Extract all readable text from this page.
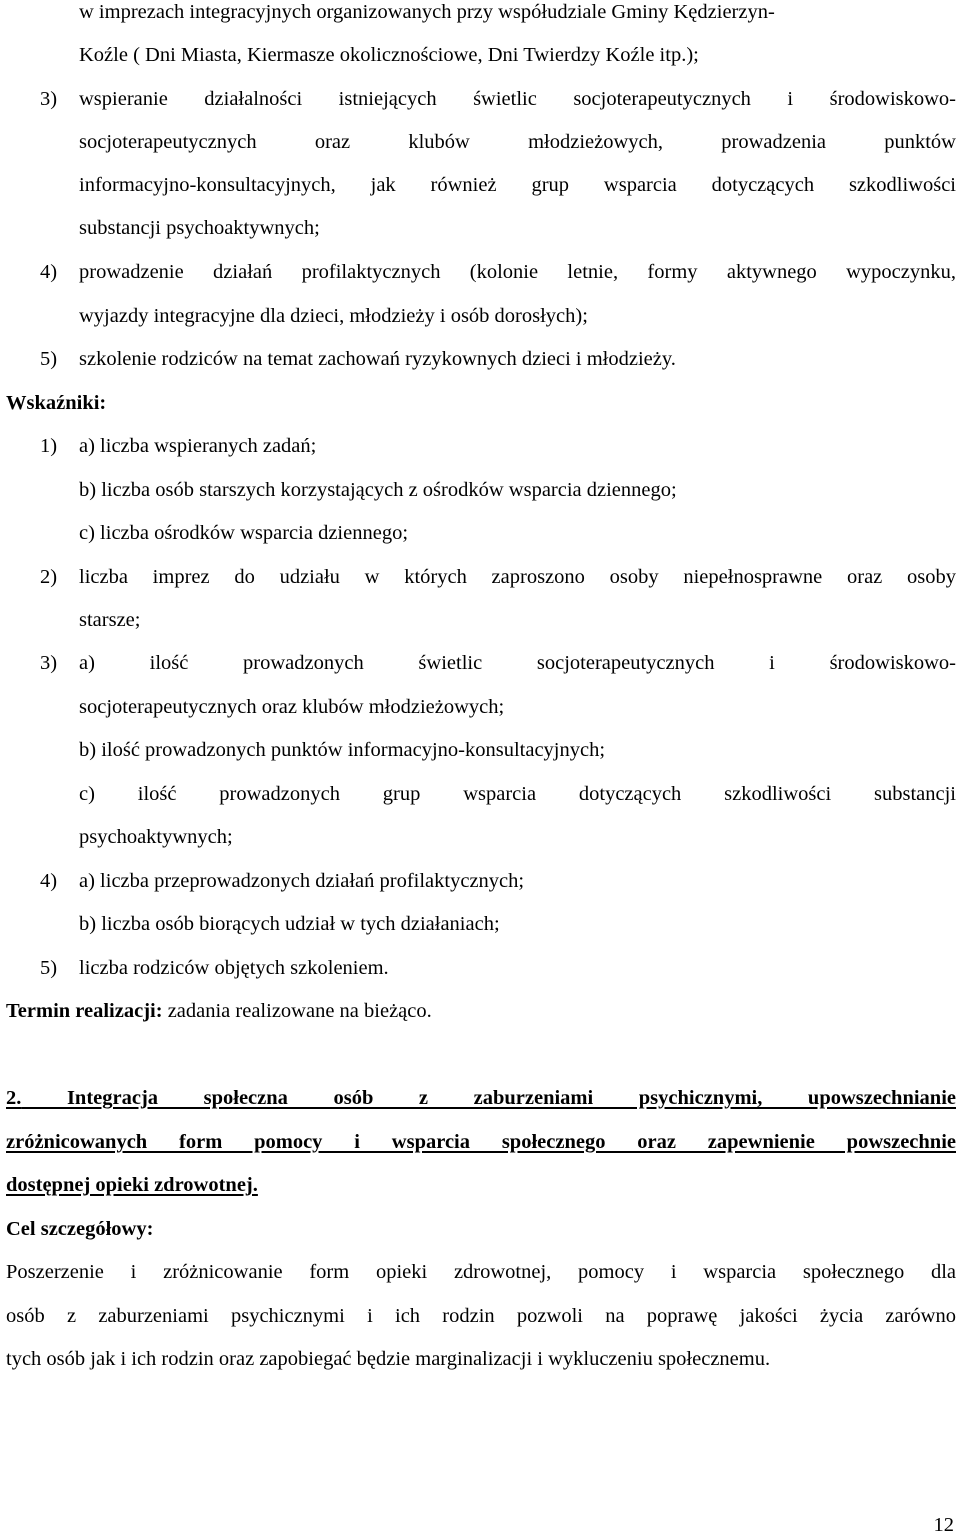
w imprezach integracyjnych organizowanych przy współudziale Gminy Kędzierzyn-
Koźle ( Dni Miasta, Kiermasze okolicznościowe, Dni Twierdzy Koźle itp.);
3) wspieranie działalności istniejących świetlic socjoterapeutycznych i środowiskowo-
socjoterapeutycznych oraz klubów młodzieżowych, prowadzenia punktów
informacyjno-konsultacyjnych, jak również grup wsparcia dotyczących szkodliwości
substancji psychoaktywnych;
4) prowadzenie działań profilaktycznych (kolonie letnie, formy aktywnego wypoczynku,
wyjazdy integracyjne dla dzieci, młodzieży i osób dorosłych);
5) szkolenie rodziców na temat zachowań ryzykownych dzieci i młodzieży.
Wskaźniki:
1) a) liczba wspieranych zadań;
b) liczba osób starszych korzystających z ośrodków wsparcia dziennego;
c) liczba ośrodków wsparcia dziennego;
2) liczba imprez do udziału w których zaproszono osoby niepełnosprawne oraz osoby
starsze;
3) a) ilość prowadzonych świetlic socjoterapeutycznych i środowiskowo-
socjoterapeutycznych oraz klubów młodzieżowych;
b) ilość prowadzonych punktów informacyjno-konsultacyjnych;
c) ilość prowadzonych grup wsparcia dotyczących szkodliwości substancji
psychoaktywnych;
4) a) liczba przeprowadzonych działań profilaktycznych;
b) liczba osób biorących udział w tych działaniach;
5) liczba rodziców objętych szkoleniem.
Termin realizacji: zadania realizowane na bieżąco.
2. Integracja społeczna osób z zaburzeniami psychicznymi, upowszechnianie
zróżnicowanych form pomocy i wsparcia społecznego oraz zapewnienie powszechnie
dostępnej opieki zdrowotnej.
Cel szczegółowy:
Poszerzenie i zróżnicowanie form opieki zdrowotnej, pomocy i wsparcia społecznego dla
osób z zaburzeniami psychicznymi i ich rodzin pozwoli na poprawę jakości życia zarówno
tych osób jak i ich rodzin oraz zapobiegać będzie marginalizacji i wykluczeniu społecznemu.
12
